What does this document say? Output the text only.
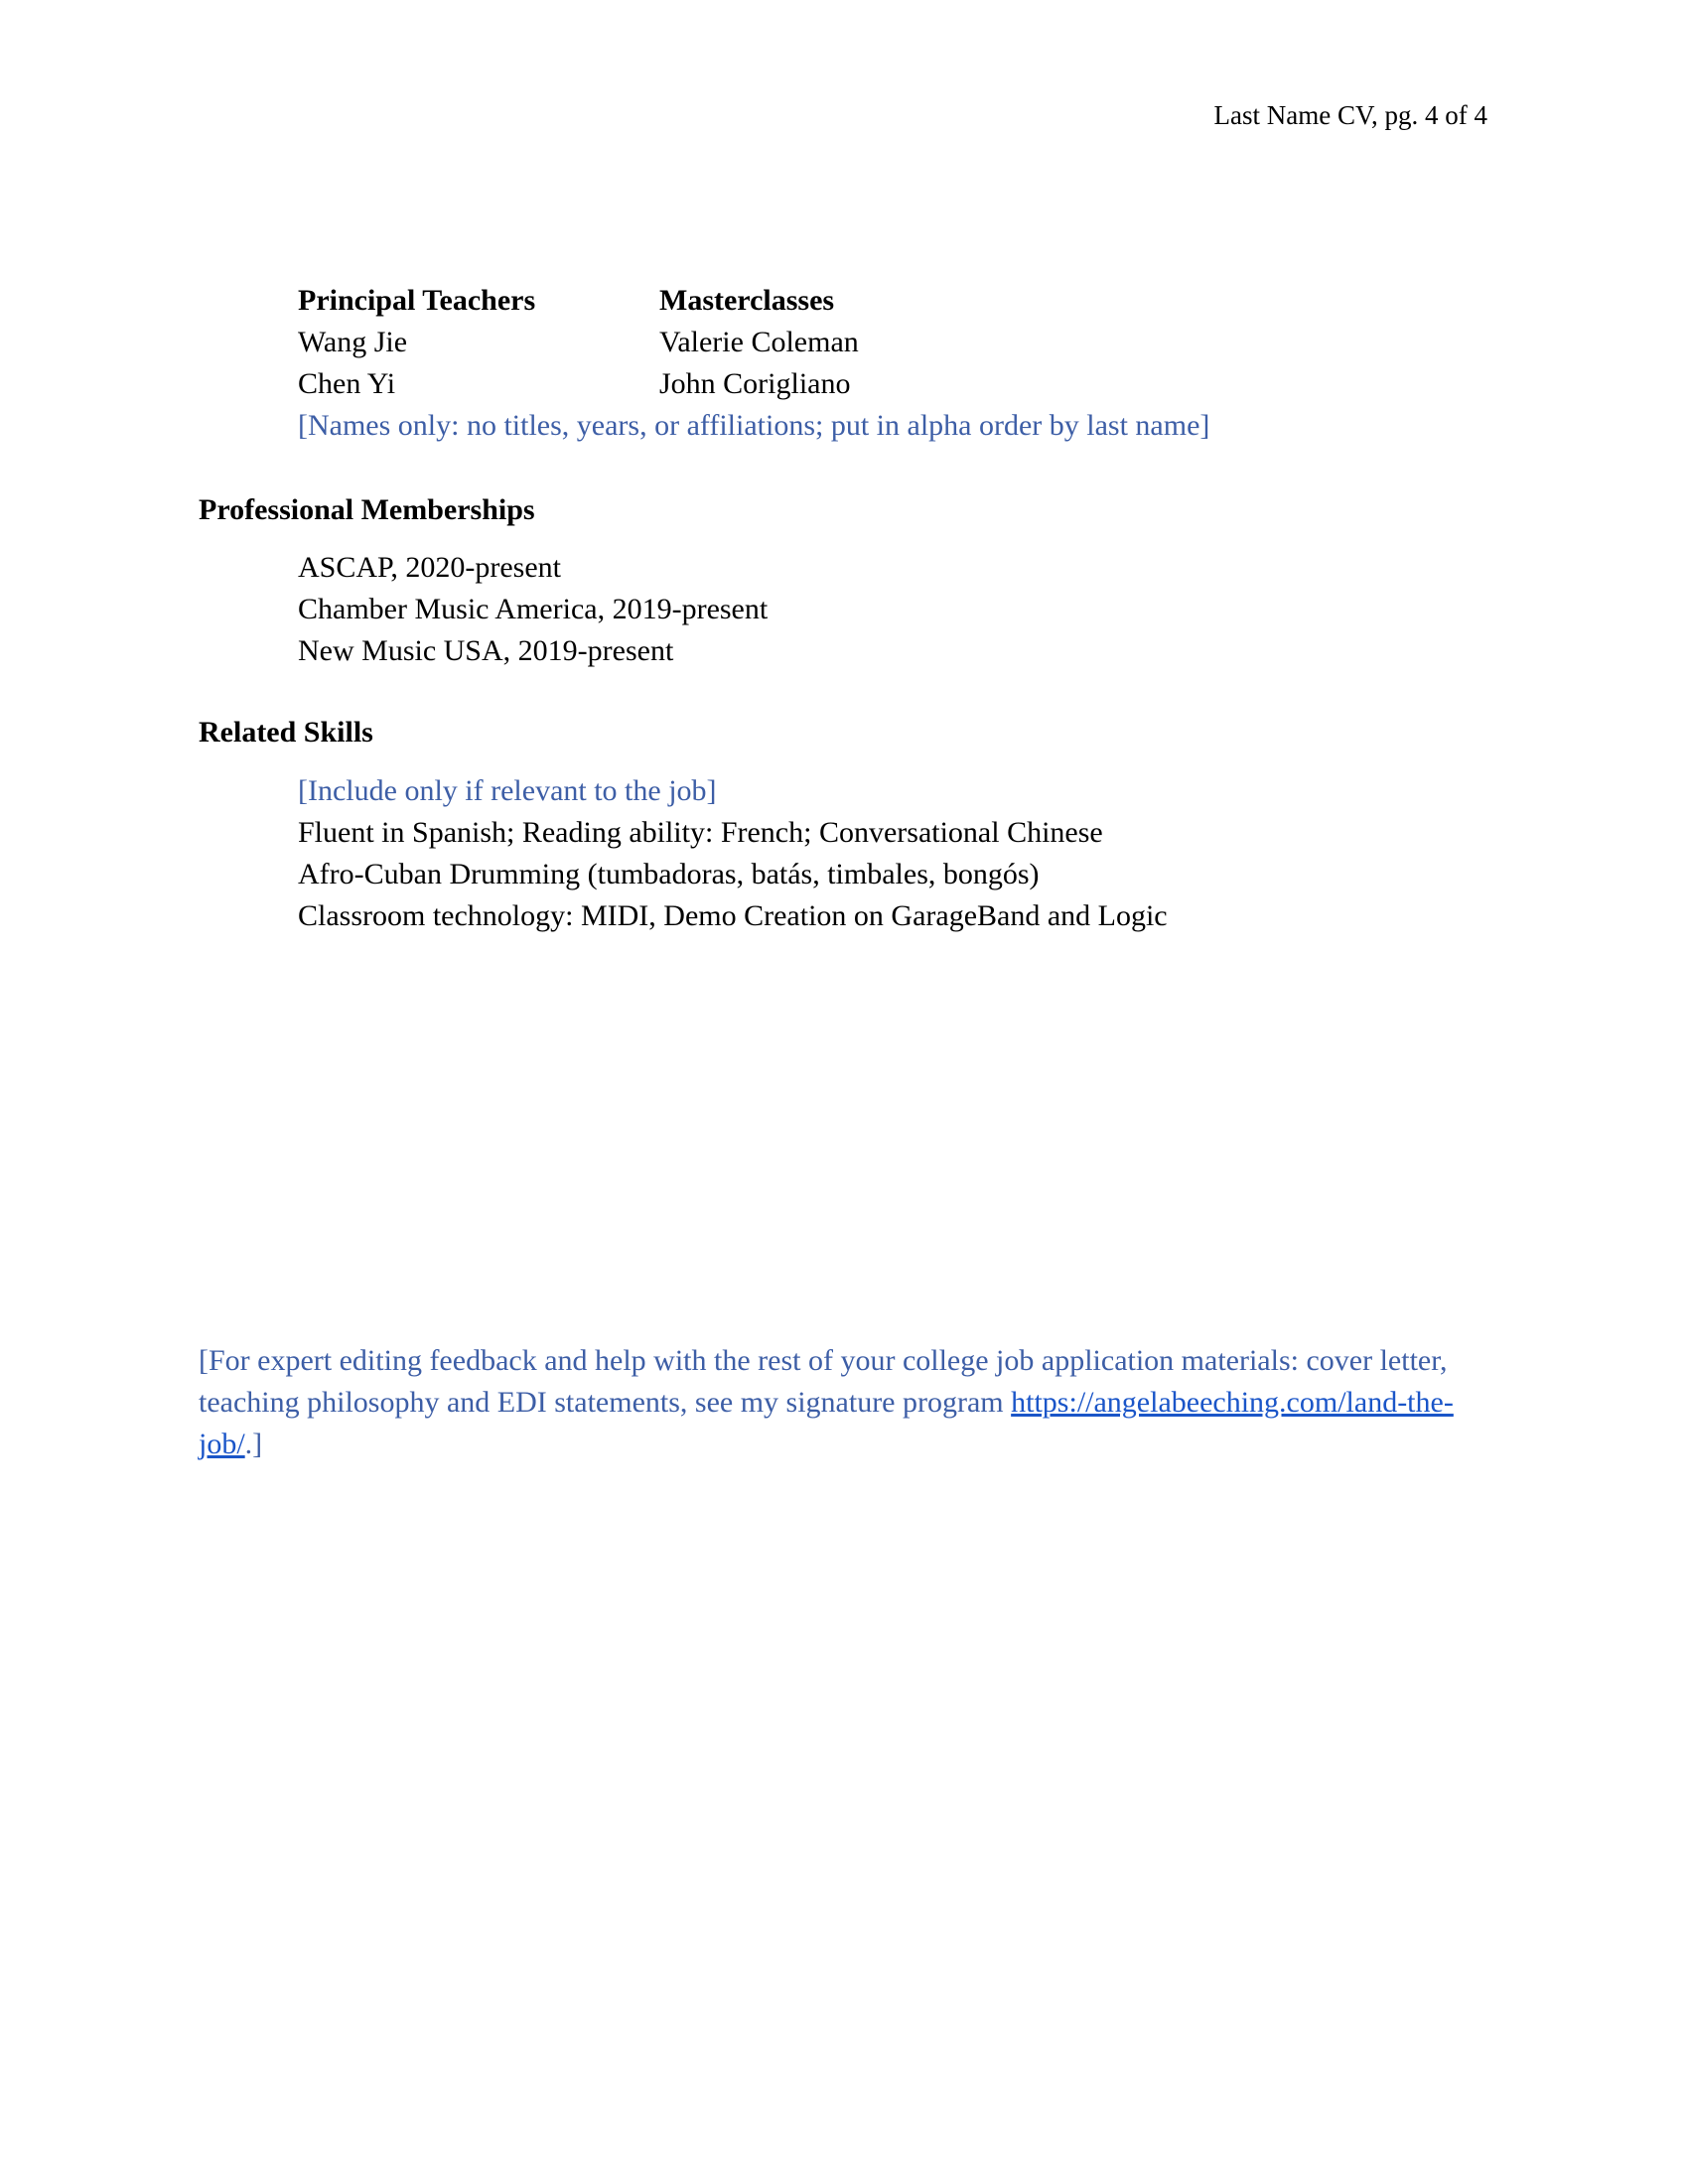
Last Name CV, pg. 4 of 4
Principal Teachers	Masterclasses
Wang Jie	Valerie Coleman
Chen Yi	John Corigliano
[Names only: no titles, years, or affiliations; put in alpha order by last name]
Professional Memberships
ASCAP, 2020-present
Chamber Music America, 2019-present
New Music USA, 2019-present
Related Skills
[Include only if relevant to the job]
Fluent in Spanish; Reading ability: French; Conversational Chinese
Afro-Cuban Drumming (tumbadoras, batás, timbales, bongós)
Classroom technology: MIDI, Demo Creation on GarageBand and Logic
[For expert editing feedback and help with the rest of your college job application materials: cover letter, teaching philosophy and EDI statements, see my signature program https://angelabeeching.com/land-the-job/.]
